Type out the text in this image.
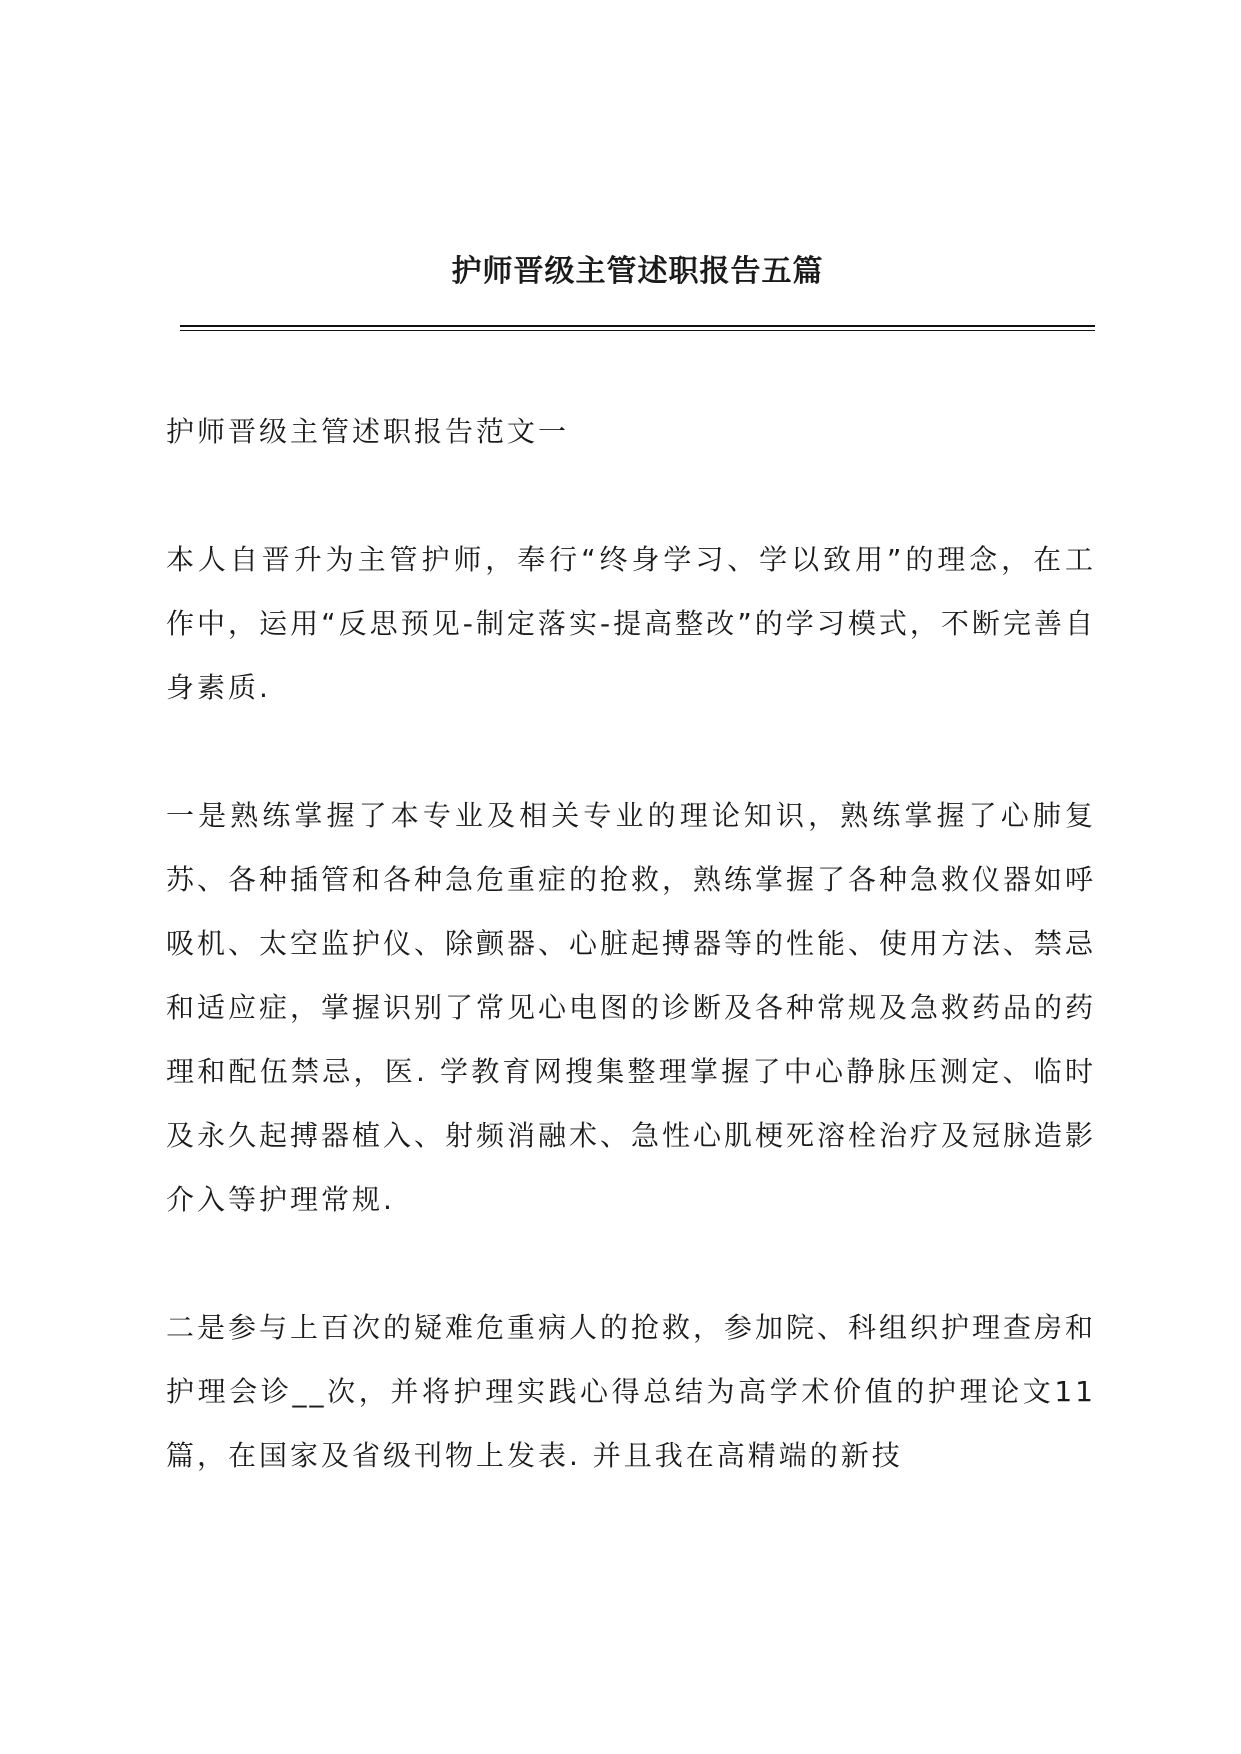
护师晋级主管述职报告五篇

护师晋级主管述职报告范文一

本人自晋升为主管护师，奉行“终身学习、学以致用”的理念，在工作中，运用“反思预见-制定落实-提高整改”的学习模式，不断完善自身素质.

一是熟练掌握了本专业及相关专业的理论知识，熟练掌握了心肺复苏、各种插管和各种急危重症的抢救，熟练掌握了各种急救仪器如呼吸机、太空监护仪、除颤器、心脏起搏器等的性能、使用方法、禁忌和适应症，掌握识别了常见心电图的诊断及各种常规及急救药品的药理和配伍禁忌，医. 学教育网搜集整理掌握了中心静脉压测定、临时及永久起搏器植入、射频消融术、急性心肌梗死溶栓治疗及冠脉造影介入等护理常规.

二是参与上百次的疑难危重病人的抢救，参加院、科组织护理查房和护理会诊__次，并将护理实践心得总结为高学术价值的护理论文11篇，在国家及省级刊物上发表. 并且我在高精端的新技
